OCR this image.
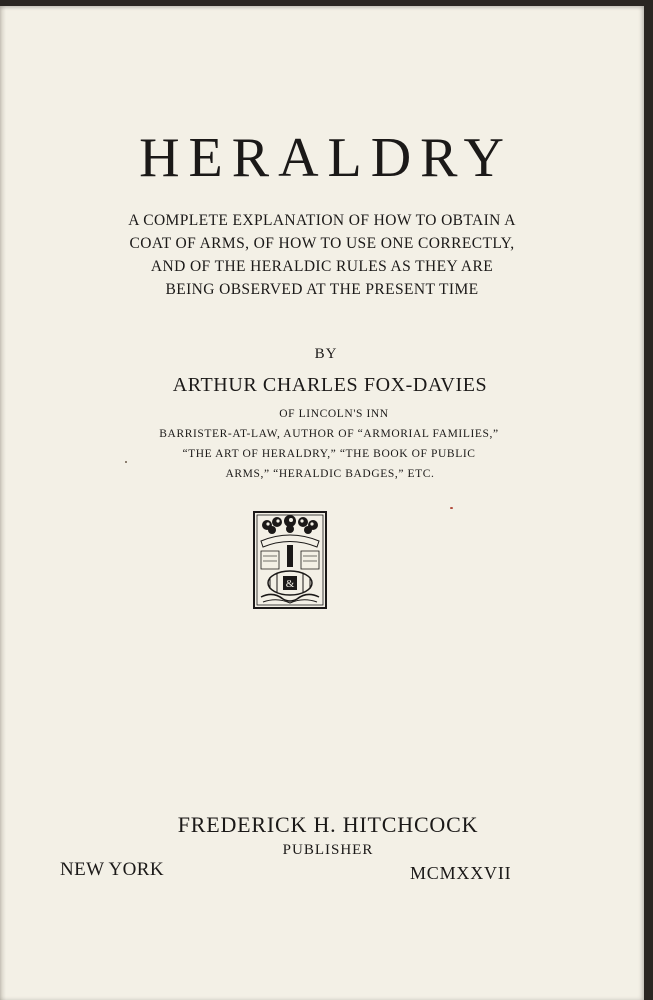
HERALDRY
A COMPLETE EXPLANATION OF HOW TO OBTAIN A
COAT OF ARMS, OF HOW TO USE ONE CORRECTLY,
AND OF THE HERALDIC RULES AS THEY ARE
BEING OBSERVED AT THE PRESENT TIME
BY
ARTHUR CHARLES FOX-DAVIES
OF LINCOLN'S INN
BARRISTER-AT-LAW, AUTHOR OF “ARMORIAL FAMILIES,”
“THE ART OF HERALDRY,” “THE BOOK OF PUBLIC
ARMS,” “HERALDIC BADGES,” ETC.
&
FREDERICK H. HITCHCOCK
PUBLISHER
NEW YORK	MCMXXVII
